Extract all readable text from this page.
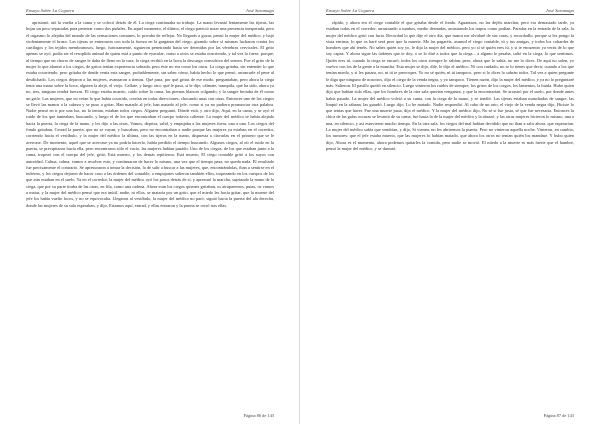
Ensayo Sobre La Ceguera	José Saramago

aprisionó, ató la vuelta a la cama y se colocó detrás de él. La ciega continuaba su trabajo. La mano levantó lentamente las tijeras, las hojas un poco separadas para penetrar como dos puñales. En aquel momento, el último, el ciego pareció notar una presencia inesperada, pero el orgasmo lo alejaba del mundo de las sensaciones comunes, lo privaba de reflejar. No llegarás a gozar, pensó la mujer del médico, y bajó violentamente el brazo. Las tijeras se enterraron con toda la fuerza en la garganta del ciego, girando sobre sí mismas lucharon contra los cartílagos y los tejidos membranosos, luego, furiosamente, siguieron penetrando hasta ser detenidas por las vértebras cervicales. El grito apenas se oyó, podía ser el resoplido animal de quien está a punto de eyacular, como a otros se estaba ocurriendo, y tal vez lo fuese, porque, al tiempo que un chorro de sangre le daba de lleno en la cara, la ciega recibió en la boca la descarga convulsiva del semen. Fue el grito de la mujer lo que alarmó a los ciegos, de gritos tenían experiencia sobrada, pero éste no era como los otros. La ciega gritaba, sin entender lo que estaba ocurriendo, pero gritaba de donde venía esta sangre, probablemente, sin saber cómo, había hecho lo que pensó, arrancarle el pene al desdichado. Los ciegos dejaron a las mujeres, avanzaron a tientas. Qué pasa, por qué gritas de ese modo, preguntaban, pero ahora la ciega tenía una mano sobre la boca, alguien la alejó, el viejo. Callate, y luego otro: qué le pasa, si le dije, cálmate, tranquila, qué ha sido, ahora ya no, tres, ninguno tendrá fuerzas. El ciego estaba muerto, caído sobre la cama, las piernas blancas colgando, y la sangre brotaba de él como un grifo. Las mujeres, que no veían lo que había ocurrido, corrían en todas direcciones, chocando unas con otras. Entonces uno de los ciegos se llevó las manos a la cabeza y se puso a gritar, Han matado al jefe, han matado al jefe, como si ya no pudiera pronunciar otra palabra. Nadie pensó en ir por una luz, no la tenían, estaban todos ciegos. Alguien preguntó, Dónde está, y otro dijo, Aquí, en la cama, y se oyó el ruido de los que tanteaban, buscando, y luego el de los que encontraban el cuerpo todavía caliente. La mujer del médico se había alejado hacia la puerta, la ciega de la mano, y les dijo a las otras, Vamos, deprisa, salid, y empujaba a las mujeres fuera, una a una. Los ciegos del fondo gritaban, Cerrad la puerta, que no se vayan, y buscaban, pero no encontraban a nadie porque las mujeres ya estaban en el corredor, corriendo hacia el vestíbulo, y la mujer del médico la última, con las tijeras en la mano, dispuesta a clavarlas en el primero que se le acercase. De momento, aquel que se acercase ya no podría hacerlo, había perdido el tiempo buscando. Algunos ciegos, al oír el ruido en la puerta, se precipitaron hacia ella, pero encontraron sólo el vacío, las mujeres habían pasado. Uno de los ciegos, de los que estaban junto a la cama, tropezó con el cuerpo del jefe, gritó, Está muerto, y los demás repitieron, Está muerto, El ciego contable gritó a los suyos con autoridad, Calma, calma, vamos a resolver esto, y continuaron de hacer lo mismo, una vez que el tiempo pasa, no queda nada. El resultado fue precisamente el contrario. Se apresuraron a tomar la decisión, la de salir a buscar a las mujeres, que, encontrándolas, iban a sentirse en el infierno, y los ciegos dejaron de hacer caso a las órdenes del contable, a empujones salieron también ellos, tropezando en los cuerpos de los que aún estaban en el suelo. Ya en el corredor, la mujer del médico oyó los pasos detrás de sí, y apresuró la marcha, sujetando la mano de la ciega, que por su parte tiraba de las otras, en fila, como una cadena. Ahora eran los ciegos quienes gritaban, os atraparemos, putas, os vamos a matar, y la mujer del médico pensó que era inútil, nadie, ni ellos, se mataría por un grito, que el miedo les hacía gritar, que la muerte del jefe los había vuelto locos, y no se equivocaba. Llegaron al vestíbulo, la mujer del médico no paró, siguió hacia la puerta del ala derecha, donde las mujeres de su sala esperaban, y dijo, Estamos aquí, entrad, y ellas entraron y la puerta se cerró tras ellas.

Página 86 de 143
Ensayo Sobre La Ceguera	José Saramago

rápido, y ahora era el ciego contable el que gritaba desde el fondo. Aguantaos, no las dejéis marchar, pero era demasiado tarde, ya estaban todas en el corredor, arrastrando a tumbos, medio desnudas, arrastrando los trapos como podían. Paradas en la entrada de la sala, la mujer del médico gritó con furia. Recordad lo que dije el otro día, que nunca me olvidaré de sus caras, y recordadlo, porque si les pongo la vista encima, lo que os haré será peor que la muerte. Me las pagaréis, asumid el ciego contable, tú y tus amigas, y todos los cobardes de hombres que ahí tenéis. No sabes quién soy yo, le dijo la mujer del médico, pero yo sí sé quién eres tú, y si te encuentro ya verás de lo que soy capaz. Y ahora sigue las órdenes que te doy, o se lo diré a todos que la ciega... a alguno le pesaba, salió en la ciega, lo que sentimos. Quién eres tú, cuando la ciega se encaró, todos los otros siempre lo sabían, pero, ahora que lo sabía, no me lo dices. De aquí no salen, yo vuelvo con los de la gente a la mancha. Esta mujer se dijo, dile, le dijo el médico. Ni con cuidado, no se lo tienes que decir, cuando a los que tenían miedo, y si les pasara, no, ni tú te preocupes. Yo no sé quién, ni tú tampoco, pero si lo dices lo sabrán todos. Tal vez a quien pregunte le diga que ninguno de nosotros, dijo el ciego de la venda negra, y yo tampoco. Tienen razón, dijo la mujer del médico, y ya no lo preguntaré más. Salieron. El pasillo quedó en silencio. Luego vinieron los ruidos de siempre, los gritos de los ciegos, los lamentos, la huida. Hubo quien dijo que habían sido ellas, que los hombres de la otra sala querían venganza, y que la encontrarían. Se arrastró por el suelo, por donde antes había pasado. La mujer del médico volvió a su cama, con la ciega de la mano, y se tendió. Las tijeras estaban manchadas de sangre, las limpió en la sábana, las guardó. Luego dijo, Lo he matado. Nadie respondió. Al cabo de un rato, el viejo de la venda negra dijo, Hiciste lo que tenías que hacer. Fue una muerte justa, dijo el médico. Y la mujer del médico dijo, No sé si fue justa, sé que fue necesaria. Entonces la chica de las gafas oscuras se levantó de su cama, fue hasta la de la mujer del médico y la abrazó, y las otras mujeres hicieron lo mismo, una a una, en silencio, y así estuvieron mucho tiempo. En la otra sala, los ciegos del mal habían decidido que no iban a salir ahora, que esperarían. La mujer del médico sabía que vendrían, y dijo, Si vienen, no les abriremos la puerta. Pero no vinieron aquella noche. Vinieron, en cambio, los rumores: que el jefe estaba muerto, que las mujeres lo habían matado, que ahora los otros no tenían quién los mandase. Y hubo quien dijo, Ahora es el momento, ahora podemos quitarles la comida, pero nadie se movió. El miedo a la muerte es más fuerte que el hambre, pensó la mujer del médico, y se durmió.

Página 87 de 143
